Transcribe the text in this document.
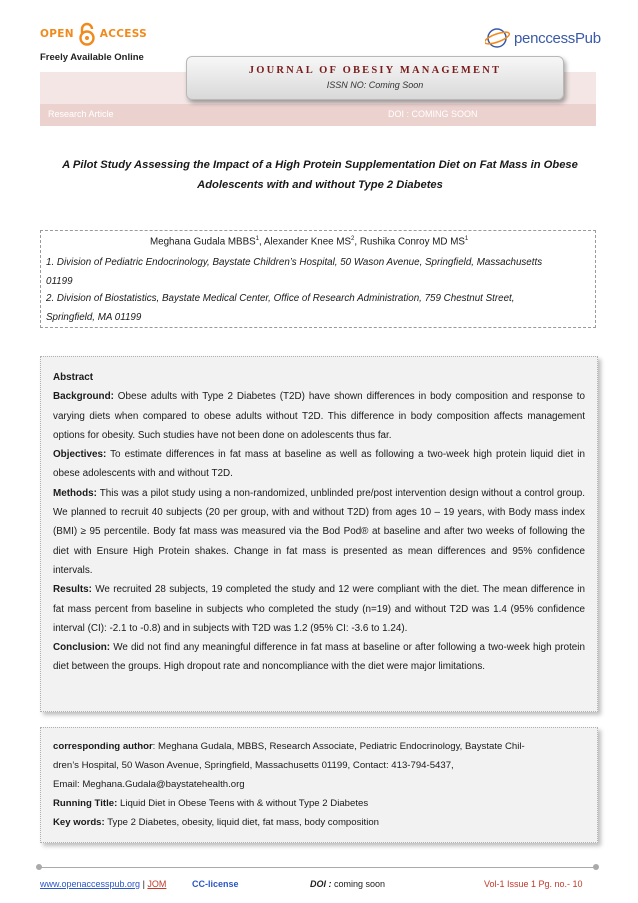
OPEN ACCESS
Freely Available Online
penccessPub
Research Article	DOI : COMING SOON
JOURNAL OF OBESIY MANAGEMENT
ISSN NO: Coming Soon
A Pilot Study Assessing the Impact of a High Protein Supplementation Diet on Fat Mass in Obese
Adolescents with and without Type 2 Diabetes
Meghana Gudala MBBS$^1$, Alexander Knee $MS^2$, Rushika Conroy MD $MS^1$
1. Division of Pediatric Endocrinology, Baystate Children’s Hospital, 50 Wason Avenue, Springfield, Massachusetts
01199
2. Division of Biostatistics, Baystate Medical Center, Office of Research Administration, 759 Chestnut Street,
Springfield, MA 01199

Abstract

Background: Obese adults with Type 2 Diabetes (T2D) have shown differences in body composition and response to varying diets when compared to obese adults without T2D. This difference in body composition affects management options for obesity. Such studies have not been done on adolescents thus far.

Objectives: To estimate differences in fat mass at baseline as well as following a two-week high protein liquid diet in obese adolescents with and without T2D.

Methods: This was a pilot study using a non-randomized, unblinded pre/post intervention design without a control group. We planned to recruit 40 subjects (20 per group, with and without T2D) from ages 10 – 19 years, with Body mass index (BMI) ≥ 95 percentile. Body fat mass was measured via the Bod Pod® at baseline and after two weeks of following the diet with Ensure High Protein shakes. Change in fat mass is presented as mean differences and 95% confidence intervals.

Results: We recruited 28 subjects, 19 completed the study and 12 were compliant with the diet. The mean difference in fat mass percent from baseline in subjects who completed the study (n=19) and without T2D was 1.4 (95% confidence interval (CI): -2.1 to -0.8) and in subjects with T2D was 1.2 (95% CI: -3.6 to 1.24).

Conclusion: We did not find any meaningful difference in fat mass at baseline or after following a two-week high protein diet between the groups. High dropout rate and noncompliance with the diet were major limitations.

corresponding author: Meghana Gudala, MBBS, Research Associate, Pediatric Endocrinology, Baystate Chil-

dren’s Hospital, 50 Wason Avenue, Springfield, Massachusetts 01199, Contact: 413-794-5437,

Email: Meghana.Gudala@baystatehealth.org

Running Title: Liquid Diet in Obese Teens with & without Type 2 Diabetes

Key words: Type 2 Diabetes, obesity, liquid diet, fat mass, body composition

www.openaccesspub.org | JOM	CC-license	DOI : coming soon	Vol-1 Issue 1 Pg. no.- 10
